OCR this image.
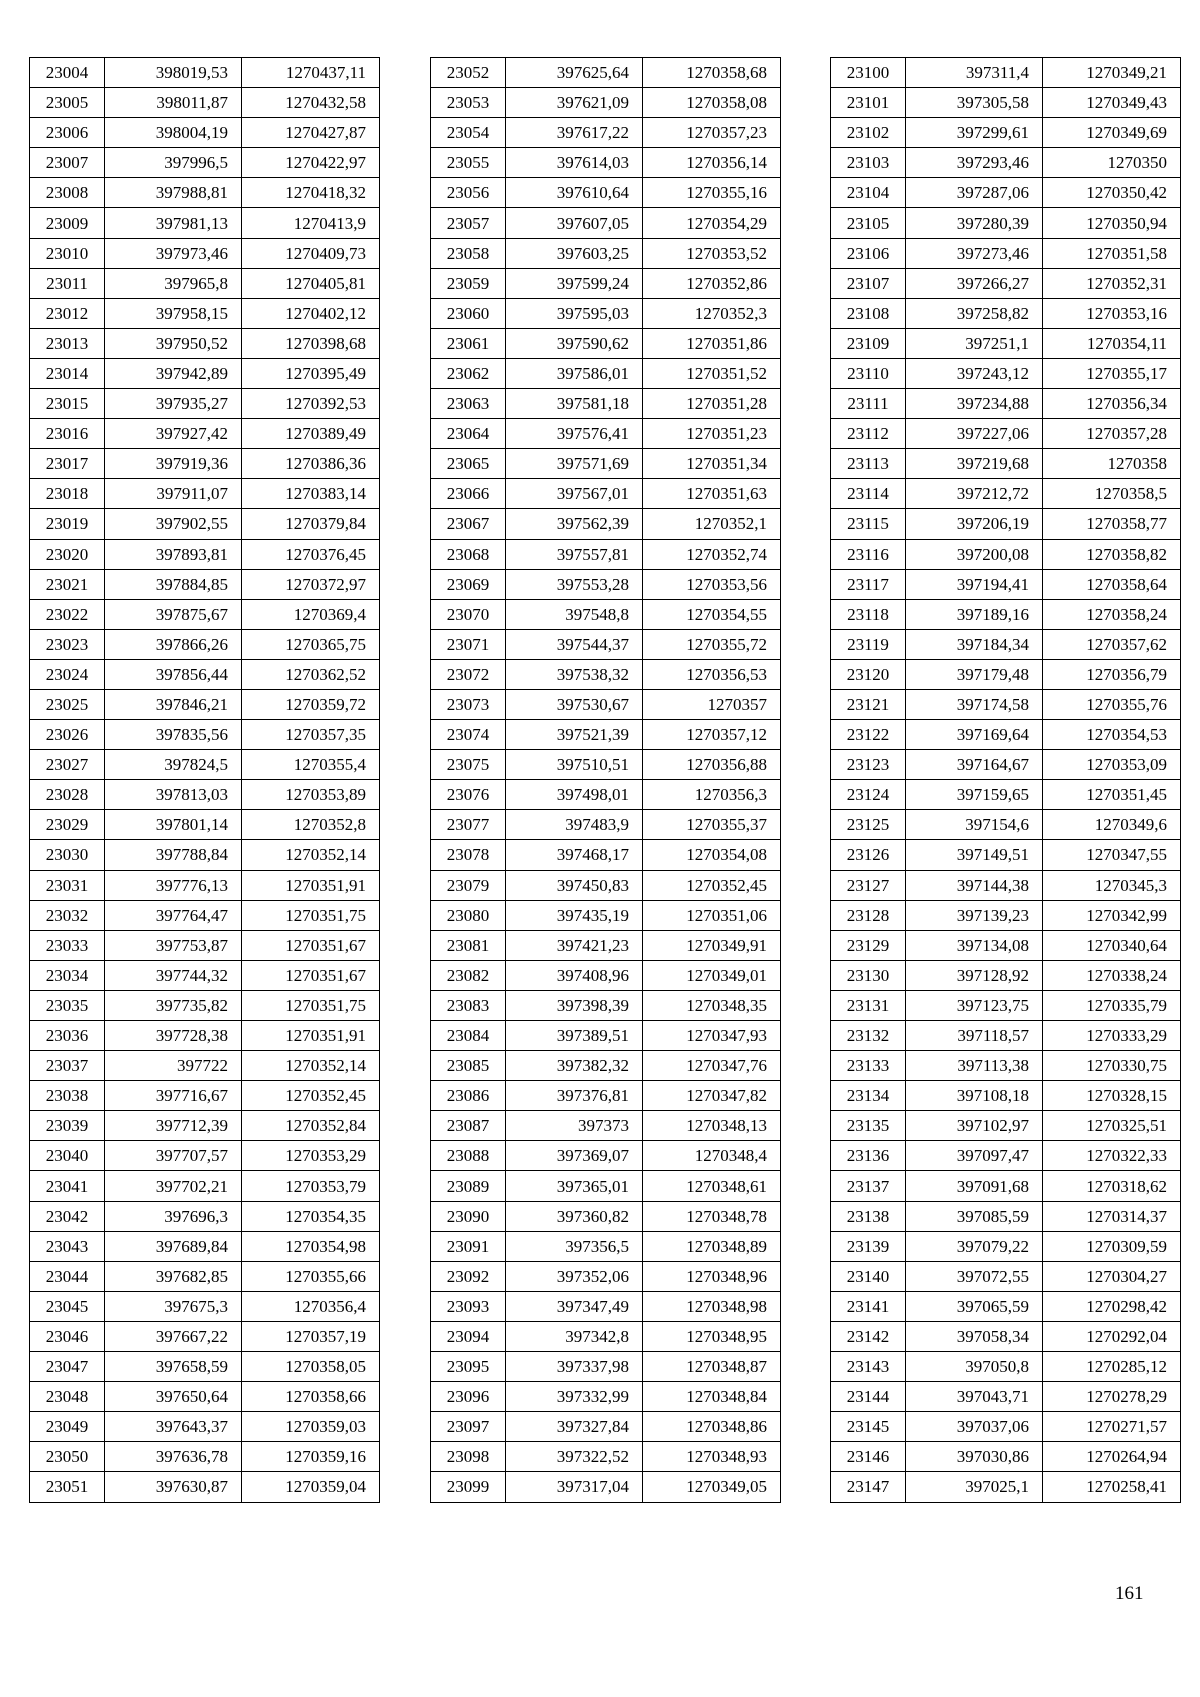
23004	398019,53	1270437,11
23005	398011,87	1270432,58
23006	398004,19	1270427,87
23007	397996,5	1270422,97
23008	397988,81	1270418,32
23009	397981,13	1270413,9
23010	397973,46	1270409,73
23011	397965,8	1270405,81
23012	397958,15	1270402,12
23013	397950,52	1270398,68
23014	397942,89	1270395,49
23015	397935,27	1270392,53
23016	397927,42	1270389,49
23017	397919,36	1270386,36
23018	397911,07	1270383,14
23019	397902,55	1270379,84
23020	397893,81	1270376,45
23021	397884,85	1270372,97
23022	397875,67	1270369,4
23023	397866,26	1270365,75
23024	397856,44	1270362,52
23025	397846,21	1270359,72
23026	397835,56	1270357,35
23027	397824,5	1270355,4
23028	397813,03	1270353,89
23029	397801,14	1270352,8
23030	397788,84	1270352,14
23031	397776,13	1270351,91
23032	397764,47	1270351,75
23033	397753,87	1270351,67
23034	397744,32	1270351,67
23035	397735,82	1270351,75
23036	397728,38	1270351,91
23037	397722	1270352,14
23038	397716,67	1270352,45
23039	397712,39	1270352,84
23040	397707,57	1270353,29
23041	397702,21	1270353,79
23042	397696,3	1270354,35
23043	397689,84	1270354,98
23044	397682,85	1270355,66
23045	397675,3	1270356,4
23046	397667,22	1270357,19
23047	397658,59	1270358,05
23048	397650,64	1270358,66
23049	397643,37	1270359,03
23050	397636,78	1270359,16
23051	397630,87	1270359,04
23052	397625,64	1270358,68
23053	397621,09	1270358,08
23054	397617,22	1270357,23
23055	397614,03	1270356,14
23056	397610,64	1270355,16
23057	397607,05	1270354,29
23058	397603,25	1270353,52
23059	397599,24	1270352,86
23060	397595,03	1270352,3
23061	397590,62	1270351,86
23062	397586,01	1270351,52
23063	397581,18	1270351,28
23064	397576,41	1270351,23
23065	397571,69	1270351,34
23066	397567,01	1270351,63
23067	397562,39	1270352,1
23068	397557,81	1270352,74
23069	397553,28	1270353,56
23070	397548,8	1270354,55
23071	397544,37	1270355,72
23072	397538,32	1270356,53
23073	397530,67	1270357
23074	397521,39	1270357,12
23075	397510,51	1270356,88
23076	397498,01	1270356,3
23077	397483,9	1270355,37
23078	397468,17	1270354,08
23079	397450,83	1270352,45
23080	397435,19	1270351,06
23081	397421,23	1270349,91
23082	397408,96	1270349,01
23083	397398,39	1270348,35
23084	397389,51	1270347,93
23085	397382,32	1270347,76
23086	397376,81	1270347,82
23087	397373	1270348,13
23088	397369,07	1270348,4
23089	397365,01	1270348,61
23090	397360,82	1270348,78
23091	397356,5	1270348,89
23092	397352,06	1270348,96
23093	397347,49	1270348,98
23094	397342,8	1270348,95
23095	397337,98	1270348,87
23096	397332,99	1270348,84
23097	397327,84	1270348,86
23098	397322,52	1270348,93
23099	397317,04	1270349,05
23100	397311,4	1270349,21
23101	397305,58	1270349,43
23102	397299,61	1270349,69
23103	397293,46	1270350
23104	397287,06	1270350,42
23105	397280,39	1270350,94
23106	397273,46	1270351,58
23107	397266,27	1270352,31
23108	397258,82	1270353,16
23109	397251,1	1270354,11
23110	397243,12	1270355,17
23111	397234,88	1270356,34
23112	397227,06	1270357,28
23113	397219,68	1270358
23114	397212,72	1270358,5
23115	397206,19	1270358,77
23116	397200,08	1270358,82
23117	397194,41	1270358,64
23118	397189,16	1270358,24
23119	397184,34	1270357,62
23120	397179,48	1270356,79
23121	397174,58	1270355,76
23122	397169,64	1270354,53
23123	397164,67	1270353,09
23124	397159,65	1270351,45
23125	397154,6	1270349,6
23126	397149,51	1270347,55
23127	397144,38	1270345,3
23128	397139,23	1270342,99
23129	397134,08	1270340,64
23130	397128,92	1270338,24
23131	397123,75	1270335,79
23132	397118,57	1270333,29
23133	397113,38	1270330,75
23134	397108,18	1270328,15
23135	397102,97	1270325,51
23136	397097,47	1270322,33
23137	397091,68	1270318,62
23138	397085,59	1270314,37
23139	397079,22	1270309,59
23140	397072,55	1270304,27
23141	397065,59	1270298,42
23142	397058,34	1270292,04
23143	397050,8	1270285,12
23144	397043,71	1270278,29
23145	397037,06	1270271,57
23146	397030,86	1270264,94
23147	397025,1	1270258,41
161
